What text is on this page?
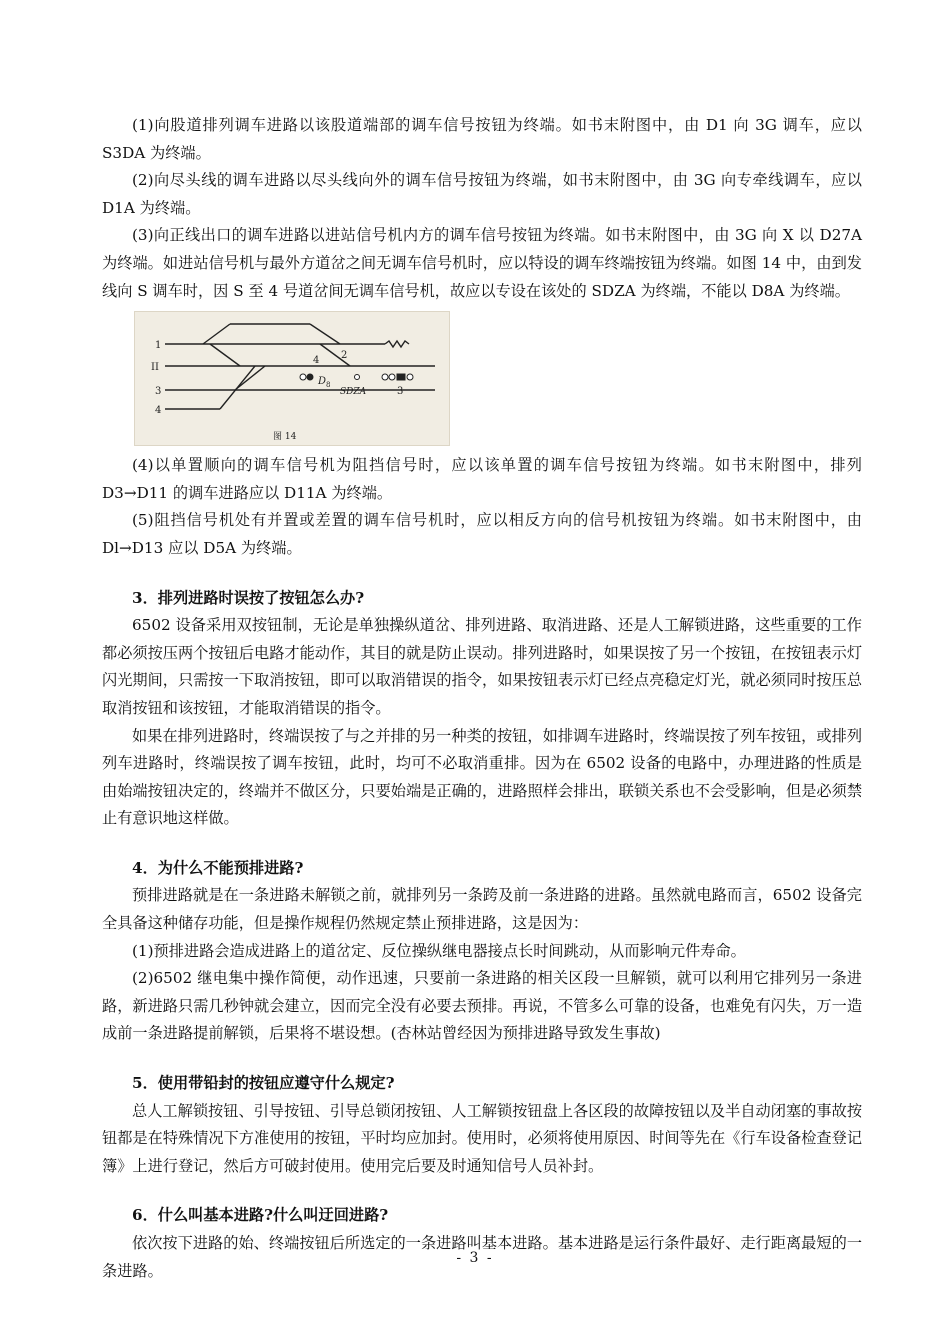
(1)向股道排列调车进路以该股道端部的调车信号按钮为终端。如书末附图中，由 D1 向 3G 调车，应以 S3DA 为终端。

(2)向尽头线的调车进路以尽头线向外的调车信号按钮为终端，如书末附图中，由 3G 向专牵线调车，应以 D1A 为终端。

(3)向正线出口的调车进路以进站信号机内方的调车信号按钮为终端。如书末附图中，由 3G 向 X 以 D27A 为终端。如进站信号机与最外方道岔之间无调车信号机时，应以特设的调车终端按钮为终端。如图 14 中，由到发线向 S 调车时，因 S 至 4 号道岔间无调车信号机，故应以专设在该处的 SDZA 为终端，不能以 D8A 为终端。

1
II
3
4
2
4
D 8
SDZA	3
图 14

(4)以单置顺向的调车信号机为阻挡信号时，应以该单置的调车信号按钮为终端。如书末附图中，排列 D3→D11 的调车进路应以 D11A 为终端。

(5)阻挡信号机处有并置或差置的调车信号机时，应以相反方向的信号机按钮为终端。如书末附图中，由 Dl→D13 应以 D5A 为终端。

3．排列进路时误按了按钮怎么办?

6502 设备采用双按钮制，无论是单独操纵道岔、排列进路、取消进路、还是人工解锁进路，这些重要的工作都必须按压两个按钮后电路才能动作，其目的就是防止误动。排列进路时，如果误按了另一个按钮，在按钮表示灯闪光期间，只需按一下取消按钮，即可以取消错误的指令，如果按钮表示灯已经点亮稳定灯光，就必须同时按压总取消按钮和该按钮，才能取消错误的指令。

如果在排列进路时，终端误按了与之并排的另一种类的按钮，如排调车进路时，终端误按了列车按钮，或排列列车进路时，终端误按了调车按钮，此时，均可不必取消重排。因为在 6502 设备的电路中，办理进路的性质是由始端按钮决定的，终端并不做区分，只要始端是正确的，进路照样会排出，联锁关系也不会受影响，但是必须禁止有意识地这样做。

4．为什么不能预排进路?

预排进路就是在一条进路未解锁之前，就排列另一条跨及前一条进路的进路。虽然就电路而言，6502 设备完全具备这种储存功能，但是操作规程仍然规定禁止预排进路，这是因为：

(1)预排进路会造成进路上的道岔定、反位操纵继电器接点长时间跳动，从而影响元件寿命。

(2)6502 继电集中操作简便，动作迅速，只要前一条进路的相关区段一旦解锁，就可以利用它排列另一条进路，新进路只需几秒钟就会建立，因而完全没有必要去预排。再说，不管多么可靠的设备，也难免有闪失，万一造成前一条进路提前解锁，后果将不堪设想。(杏林站曾经因为预排进路导致发生事故)

5．使用带铅封的按钮应遵守什么规定?

总人工解锁按钮、引导按钮、引导总锁闭按钮、人工解锁按钮盘上各区段的故障按钮以及半自动闭塞的事故按钮都是在特殊情况下方准使用的按钮，平时均应加封。使用时，必须将使用原因、时间等先在《行车设备检查登记簿》上进行登记，然后方可破封使用。使用完后要及时通知信号人员补封。

6．什么叫基本进路?什么叫迂回进路?

依次按下进路的始、终端按钮后所选定的一条进路叫基本进路。基本进路是运行条件最好、走行距离最短的一条进路。

- 3 -
